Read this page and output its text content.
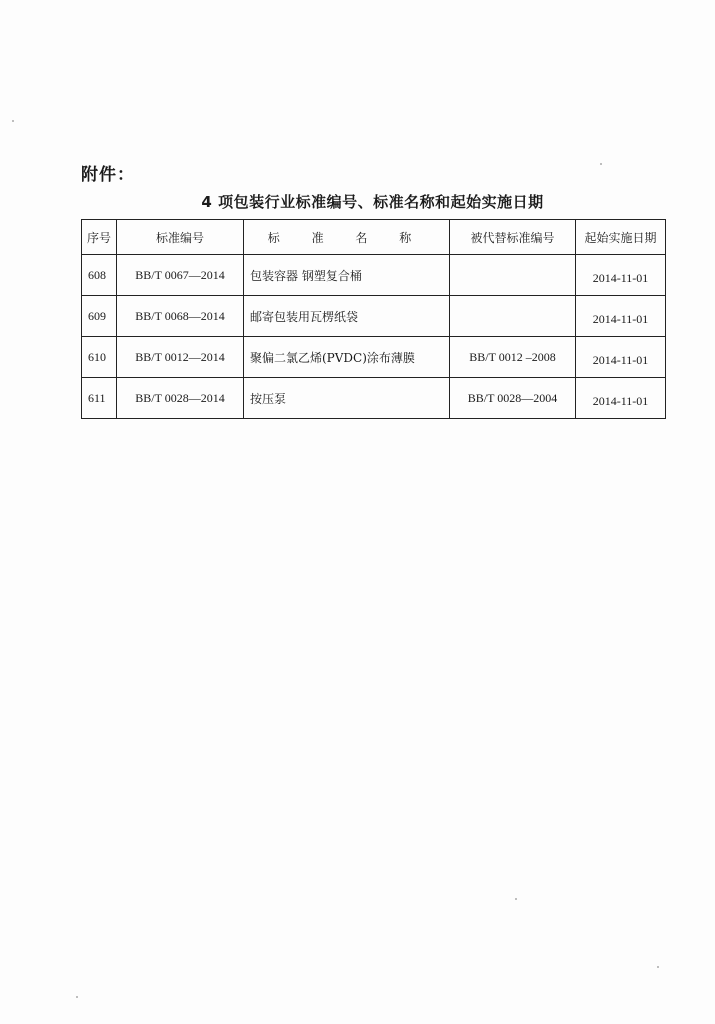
附件：
4 项包装行业标准编号、标准名称和起始实施日期
序号	标准编号	标 准 名 称	被代替标准编号	起始实施日期
608	BB/T 0067—2014	包装容器 钢塑复合桶		2014-11-01
609	BB/T 0068—2014	邮寄包装用瓦楞纸袋		2014-11-01
610	BB/T 0012—2014	聚偏二氯乙烯(PVDC)涂布薄膜	BB/T 0012 –2008	2014-11-01
611	BB/T 0028—2014	按压泵	BB/T 0028—2004	2014-11-01
